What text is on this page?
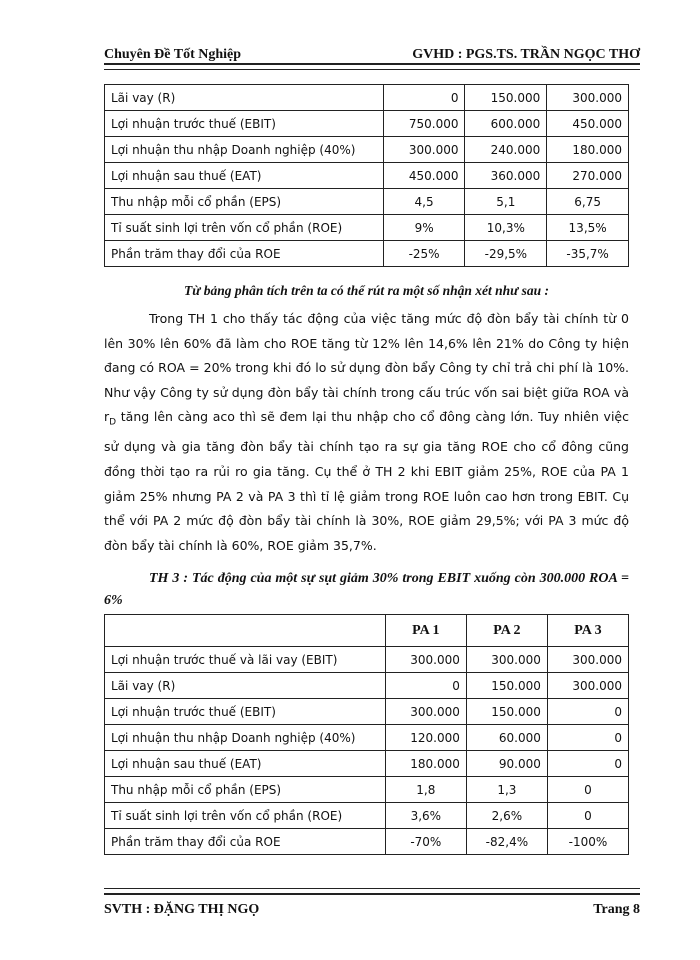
Chuyên Đề Tốt Nghiệp	GVHD : PGS.TS. TRẦN NGỌC THƠ
Lãi vay (R)	0	150.000	300.000
Lợi nhuận trước thuế (EBIT)	750.000	600.000	450.000
Lợi nhuận thu nhập Doanh nghiệp (40%)	300.000	240.000	180.000
Lợi nhuận sau thuế (EAT)	450.000	360.000	270.000
Thu nhập mỗi cổ phần (EPS)	4,5	5,1	6,75
Tỉ suất sinh lợi trên vốn cổ phần (ROE)	9%	10,3%	13,5%
Phần trăm thay đổi của ROE	-25%	-29,5%	-35,7%
Từ bảng phân tích trên ta có thể rút ra một số nhận xét như sau :
Trong TH 1 cho thấy tác động của việc tăng mức độ đòn bẩy tài chính từ 0 lên 30% lên 60% đã làm cho ROE tăng từ 12% lên 14,6% lên 21% do Công ty hiện đang có ROA = 20% trong khi đó lo sử dụng đòn bẩy Công ty chỉ trả chi phí là 10%. Như vậy Công ty sử dụng đòn bẩy tài chính trong cấu trúc vốn sai biệt giữa ROA và $r_D$ tăng lên càng aco thì sẽ đem lại thu nhập cho cổ đông càng lớn. Tuy nhiên việc sử dụng và gia tăng đòn bẩy tài chính tạo ra sự gia tăng ROE cho cổ đông cũng đồng thời tạo ra rủi ro gia tăng. Cụ thể ở TH 2 khi EBIT giảm 25%, ROE của PA 1 giảm 25% nhưng PA 2 và PA 3 thì tỉ lệ giảm trong ROE luôn cao hơn trong EBIT. Cụ thể với PA 2 mức độ đòn bẩy tài chính là 30%, ROE giảm 29,5%; với PA 3 mức độ đòn bẩy tài chính là 60%, ROE giảm 35,7%.
TH 3 : Tác động của một sự sụt giảm 30% trong EBIT xuống còn 300.000 ROA = 6%
	PA 1	PA 2	PA 3
Lợi nhuận trước thuế và lãi vay (EBIT)	300.000	300.000	300.000
Lãi vay (R)	0	150.000	300.000
Lợi nhuận trước thuế (EBIT)	300.000	150.000	0
Lợi nhuận thu nhập Doanh nghiệp (40%)	120.000	60.000	0
Lợi nhuận sau thuế (EAT)	180.000	90.000	0
Thu nhập mỗi cổ phần (EPS)	1,8	1,3	0
Tỉ suất sinh lợi trên vốn cổ phần (ROE)	3,6%	2,6%	0
Phần trăm thay đổi của ROE	-70%	-82,4%	-100%
SVTH : ĐẶNG THỊ NGỌ	Trang 8
